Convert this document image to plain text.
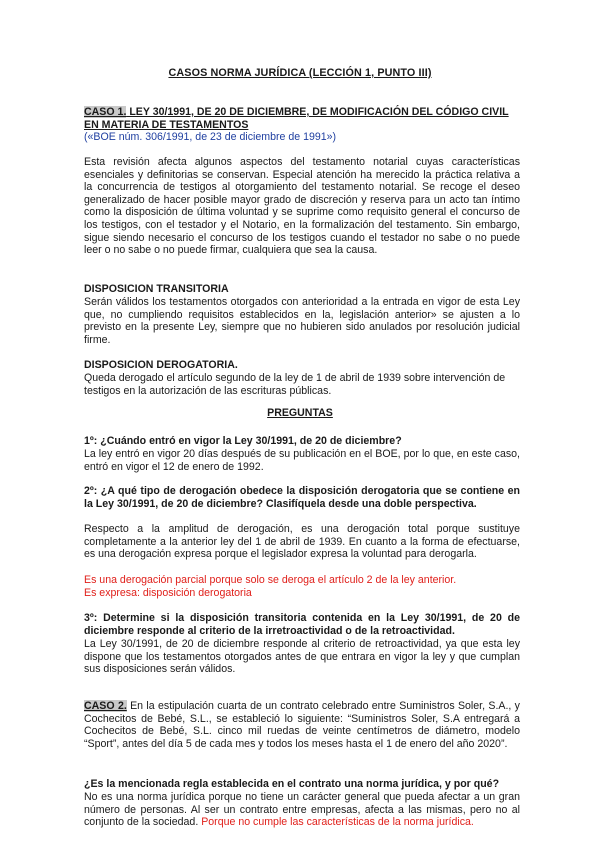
CASOS NORMA JURÍDICA (LECCIÓN 1, PUNTO III)
CASO 1. LEY 30/1991, DE 20 DE DICIEMBRE, DE MODIFICACIÓN DEL CÓDIGO CIVIL EN MATERIA DE TESTAMENTOS
(«BOE núm. 306/1991, de 23 de diciembre de 1991»)

Esta revisión afecta algunos aspectos del testamento notarial cuyas características esenciales y definitorias se conservan. Especial atención ha merecido la práctica relativa a la concurrencia de testigos al otorgamiento del testamento notarial. Se recoge el deseo generalizado de hacer posible mayor grado de discreción y reserva para un acto tan íntimo como la disposición de última voluntad y se suprime como requisito general el concurso de los testigos, con el testador y el Notario, en la formalización del testamento. Sin embargo, sigue siendo necesario el concurso de los testigos cuando el testador no sabe o no puede leer o no sabe o no puede firmar, cualquiera que sea la causa.

DISPOSICION TRANSITORIA

Serán válidos los testamentos otorgados con anterioridad a la entrada en vigor de esta Ley que, no cumpliendo requisitos establecidos en la, legislación anterior» se ajusten a lo previsto en la presente Ley, siempre que no hubieren sido anulados por resolución judicial firme.

DISPOSICION DEROGATORIA.

Queda derogado el artículo segundo de la ley de 1 de abril de 1939 sobre intervención de testigos en la autorización de las escrituras públicas.

PREGUNTAS
1º: ¿Cuándo entró en vigor la Ley 30/1991, de 20 de diciembre?

La ley entró en vigor 20 días después de su publicación en el BOE, por lo que, en este caso, entró en vigor el 12 de enero de 1992.

2º: ¿A qué tipo de derogación obedece la disposición derogatoria que se contiene en la Ley 30/1991, de 20 de diciembre? Clasifíquela desde una doble perspectiva.

Respecto a la amplitud de derogación, es una derogación total porque sustituye completamente a la anterior ley del 1 de abril de 1939. En cuanto a la forma de efectuarse, es una derogación expresa porque el legislador expresa la voluntad para derogarla.

Es una derogación parcial porque solo se deroga el artículo 2 de la ley anterior.
Es expresa: disposición derogatoria

3º: Determine si la disposición transitoria contenida en la Ley 30/1991, de 20 de diciembre responde al criterio de la irretroactividad o de la retroactividad.

La Ley 30/1991, de 20 de diciembre responde al criterio de retroactividad, ya que esta ley dispone que los testamentos otorgados antes de que entrara en vigor la ley y que cumplan sus disposiciones serán válidos.

CASO 2. En la estipulación cuarta de un contrato celebrado entre Suministros Soler, S.A., y Cochecitos de Bebé, S.L., se estableció lo siguiente: “Suministros Soler, S.A entregará a Cochecitos de Bebé, S.L. cinco mil ruedas de veinte centímetros de diámetro, modelo “Sport”, antes del día 5 de cada mes y todos los meses hasta el 1 de enero del año 2020”.

¿Es la mencionada regla establecida en el contrato una norma jurídica, y por qué?

No es una norma jurídica porque no tiene un carácter general que pueda afectar a un gran número de personas. Al ser un contrato entre empresas, afecta a las mismas, pero no al conjunto de la sociedad. Porque no cumple las características de la norma jurídica.
